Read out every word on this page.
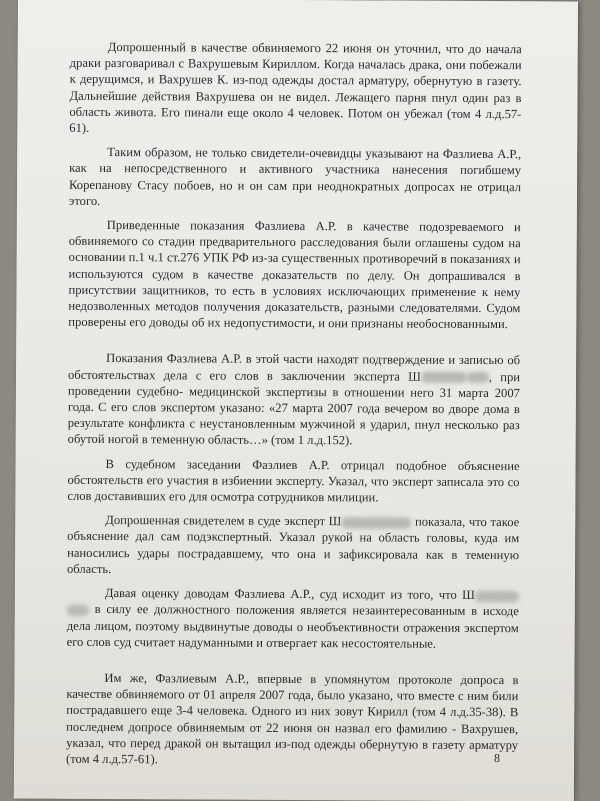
Допрошенный в качестве обвиняемого 22 июня он уточнил, что до начала драки разговаривал с Вахрушевым Кириллом. Когда началась драка, они побежали к дерущимся, и Вахрушев К. из-под одежды достал арматуру, обернутую в газету. Дальнейшие действия Вахрушева он не видел. Лежащего парня пнул один раз в область живота. Его пинали еще около 4 человек. Потом он убежал (том 4 л.д.57-61).

Таким образом, не только свидетели-очевидцы указывают на Фазлиева А.Р., как на непосредственного и активного участника нанесения погибшему Корепанову Стасу побоев, но и он сам при неоднократных допросах не отрицал этого.

Приведенные показания Фазлиева А.Р. в качестве подозреваемого и обвиняемого со стадии предварительного расследования были оглашены судом на основании п.1 ч.1 ст.276 УПК РФ из-за существенных противоречий в показаниях и используются судом в качестве доказательств по делу. Он допрашивался в присутствии защитников, то есть в условиях исключающих применение к нему недозволенных методов получения доказательств, разными следователями. Судом проверены его доводы об их недопустимости, и они признаны необоснованными.

Показания Фазлиева А.Р. в этой части находят подтверждение и записью об обстоятельствах дела с его слов в заключении эксперта Ш	, при проведении судебно- медицинской экспертизы в отношении него 31 марта 2007 года. С его слов экспертом указано: «27 марта 2007 года вечером во дворе дома в результате конфликта с неустановленным мужчиной я ударил, пнул несколько раз обутой ногой в теменную область…» (том 1 л.д.152).

В судебном заседании Фазлиев А.Р. отрицал подобное объяснение обстоятельств его участия в избиении эксперту. Указал, что эксперт записала это со слов доставивших его для осмотра сотрудников милиции.

Допрошенная свидетелем в суде эксперт Ш	показала, что такое объяснение дал сам подэкспертный. Указал рукой на область головы, куда им наносились удары пострадавшему, что она и зафиксировала как в теменную область.

Давая оценку доводам Фазлиева А.Р., суд исходит из того, что Ш  в силу ее должностного положения является незаинтересованным в исходе дела лицом, поэтому выдвинутые доводы о необъективности отражения экспертом его слов суд считает надуманными и отвергает как несостоятельные.

Им же, Фазлиевым А.Р., впервые в упомянутом протоколе допроса в качестве обвиняемого от 01 апреля 2007 года, было указано, что вместе с ним били пострадавшего еще 3-4 человека. Одного из них зовут Кирилл (том 4 л.д.35-38). В последнем допросе обвиняемым от 22 июня он назвал его фамилию - Вахрушев, указал, что перед дракой он вытащил из-под одежды обернутую в газету арматуру (том 4 л.д.57-61).	8
